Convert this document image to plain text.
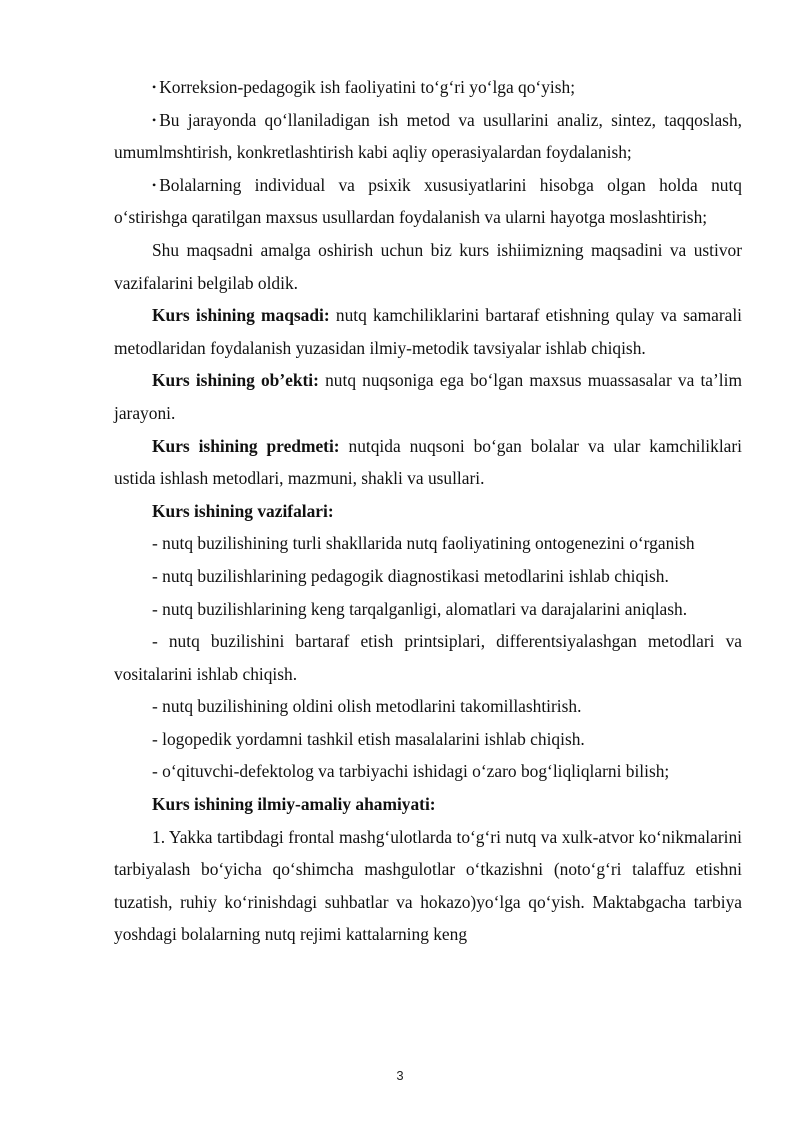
• Korreksion-pedagogik ish faoliyatini to‘g‘ri yo‘lga qo‘yish;

• Bu jarayonda qo‘llaniladigan ish metod va usullarini analiz, sintez, taqqoslash, umumlmshtirish, konkretlashtirish kabi aqliy operasiyalardan foydalanish;

• Bolalarning individual va psixik xususiyatlarini hisobga olgan holda nutq o‘stirishga qaratilgan maxsus usullardan foydalanish va ularni hayotga moslashtirish;

Shu maqsadni amalga oshirish uchun biz kurs ishiimizning maqsadini va ustivor vazifalarini belgilab oldik.

Kurs ishining maqsadi: nutq kamchiliklarini bartaraf etishning qulay va samarali metodlaridan foydalanish yuzasidan ilmiy-metodik tavsiyalar ishlab chiqish.

Kurs ishining ob’ekti: nutq nuqsoniga ega bo‘lgan maxsus muassasalar va ta’lim jarayoni.

Kurs ishining predmeti: nutqida nuqsoni bo‘gan bolalar va ular kamchiliklari ustida ishlash metodlari, mazmuni, shakli va usullari.

Kurs ishining vazifalari:

- nutq buzilishining turli shakllarida nutq faoliyatining ontogenezini o‘rganish

- nutq buzilishlarining pedagogik diagnostikasi metodlarini ishlab chiqish.

- nutq buzilishlarining keng tarqalganligi, alomatlari va darajalarini aniqlash.

- nutq buzilishini bartaraf etish printsiplari, differentsiyalashgan metodlari va vositalarini ishlab chiqish.

- nutq buzilishining oldini olish metodlarini takomillashtirish.

- logopedik yordamni tashkil etish masalalarini ishlab chiqish.

- o‘qituvchi-defektolog va tarbiyachi ishidagi o‘zaro bog‘liqliqlarni bilish;

Kurs ishining ilmiy-amaliy ahamiyati:

1. Yakka tartibdagi frontal mashg‘ulotlarda to‘g‘ri nutq va xulk-atvor ko‘nikmalarini tarbiyalash bo‘yicha qo‘shimcha mashgulotlar o‘tkazishni (noto‘g‘ri talaffuz etishni tuzatish, ruhiy ko‘rinishdagi suhbatlar va hokazo)yo‘lga qo‘yish. Maktabgacha tarbiya yoshdagi bolalarning nutq rejimi kattalarning keng

3
